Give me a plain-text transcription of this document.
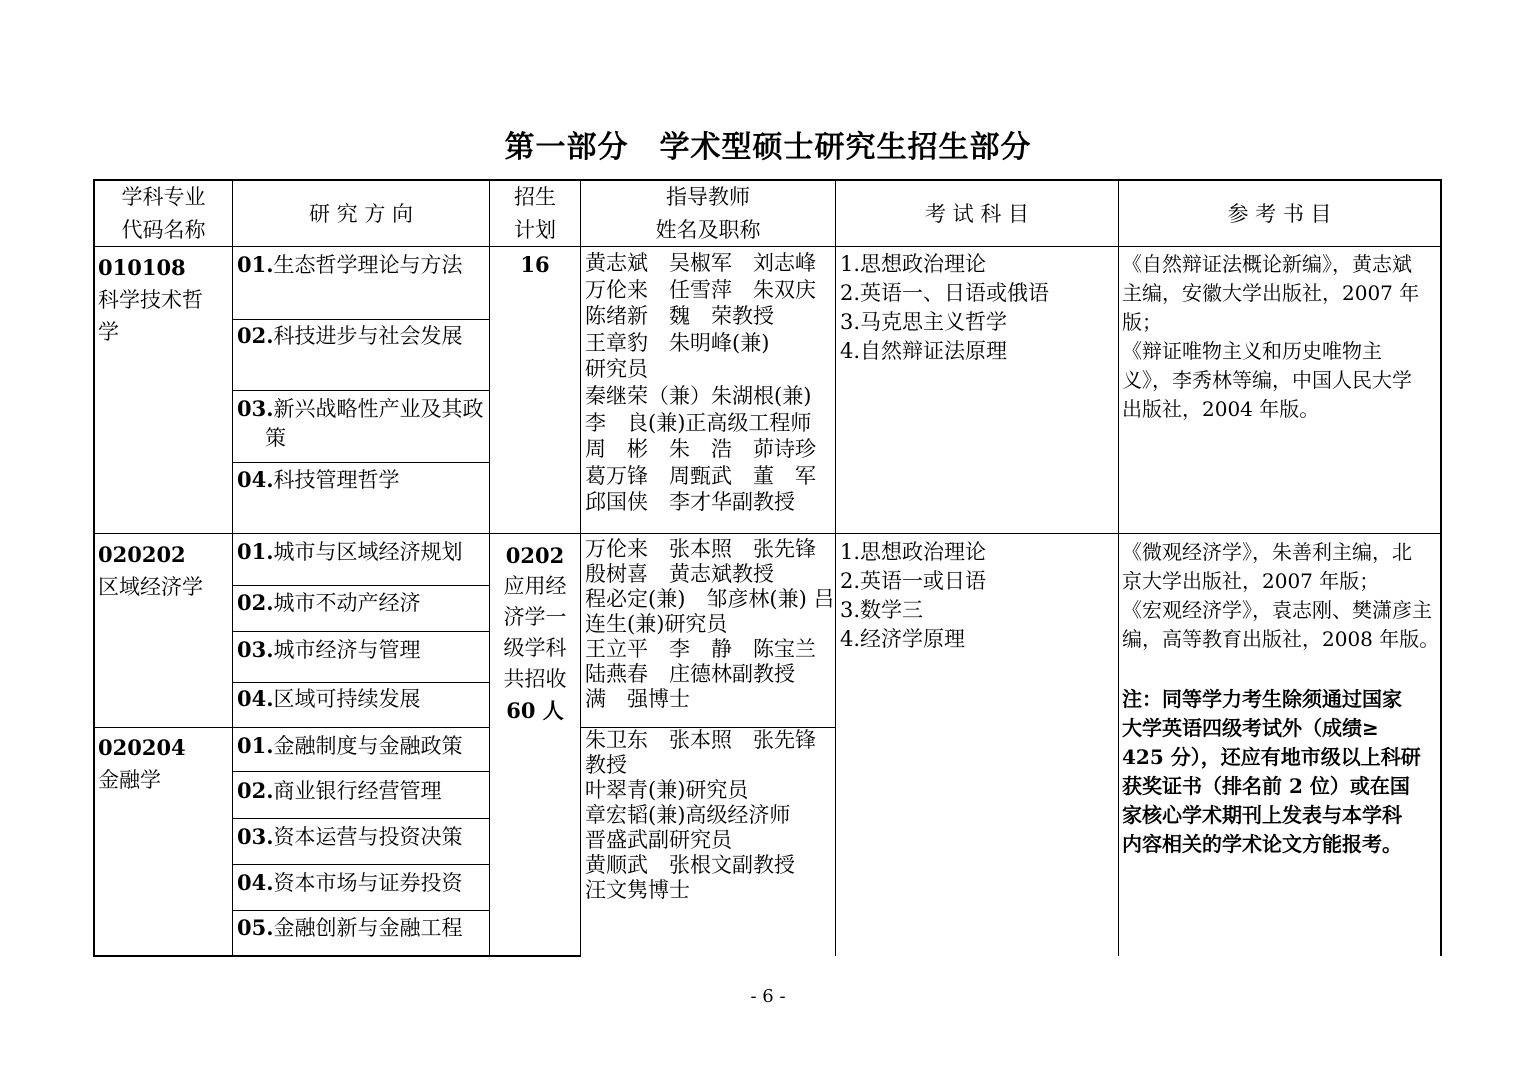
第一部分　学术型硕士研究生招生部分
学科专业
代码名称
研 究 方 向
招生
计划
指导教师
姓名及职称
考 试 科 目	参 考 书 目
010108
科学技术哲
学
01.生态哲学理论与方法
02.科技进步与社会发展
03.新兴战略性产业及其政
策
04.科技管理哲学
16	黄志斌　吴椒军　刘志峰
万伦来　任雪萍　朱双庆
陈绪新　魏　荣教授
王章豹　朱明峰(兼)
研究员
秦继荣（兼）朱湖根(兼)
李　良(兼)正高级工程师
周　彬　朱　浩　茆诗珍
葛万锋　周甄武　董　军
邱国侠　李才华副教授
1.思想政治理论
2.英语一、日语或俄语
3.马克思主义哲学
4.自然辩证法原理
《自然辩证法概论新编》，黄志斌
主编，安徽大学出版社，2007 年
版；
《辩证唯物主义和历史唯物主
义》，李秀林等编，中国人民大学
出版社，2004 年版。
020202
区域经济学
01.城市与区域经济规划
02.城市不动产经济
03.城市经济与管理
04.区域可持续发展
0202
应用经
济学一
级学科
共招收
60 人
万伦来　张本照　张先锋
殷树喜　黄志斌教授
程必定(兼)　邹彦林(兼) 吕
连生(兼)研究员
王立平　李　静　陈宝兰
陆燕春　庄德林副教授
满　强博士
1.思想政治理论
2.英语一或日语
3.数学三
4.经济学原理
《微观经济学》，朱善利主编，北
京大学出版社，2007 年版；
《宏观经济学》，袁志刚、樊潇彦主
编，高等教育出版社，2008 年版。
注：同等学力考生除须通过国家
大学英语四级考试外（成绩≥
425 分），还应有地市级以上科研
获奖证书（排名前 2 位）或在国
家核心学术期刊上发表与本学科
内容相关的学术论文方能报考。
020204
金融学
01.金融制度与金融政策
02.商业银行经营管理
03.资本运营与投资决策
04.资本市场与证券投资
05.金融创新与金融工程
朱卫东　张本照　张先锋
教授
叶翠青(兼)研究员
章宏韬(兼)高级经济师
晋盛武副研究员
黄顺武　张根文副教授
汪文隽博士
- 6 -
